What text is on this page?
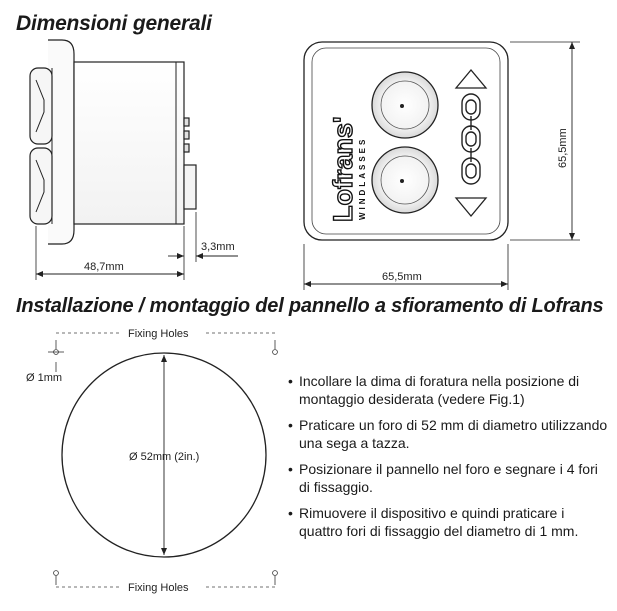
Dimensioni generali
Installazione / montaggio del pannello a sfioramento di Lofrans
48,7mm
3,3mm
Lofrans' WINDLASSES
65,5mm
65,5mm
Fixing Holes
Fixing Holes
Ø 1mm
Ø 52mm (2in.)
• Incollare la dima di foratura nella posizione di montaggio desiderata (vedere Fig.1)
• Praticare un foro di 52 mm di diametro utilizzando una sega a tazza.
• Posizionare il pannello nel foro e segnare i 4 fori di fissaggio.
• Rimuovere il dispositivo e quindi praticare i quattro fori di fissaggio del diametro di 1 mm.
